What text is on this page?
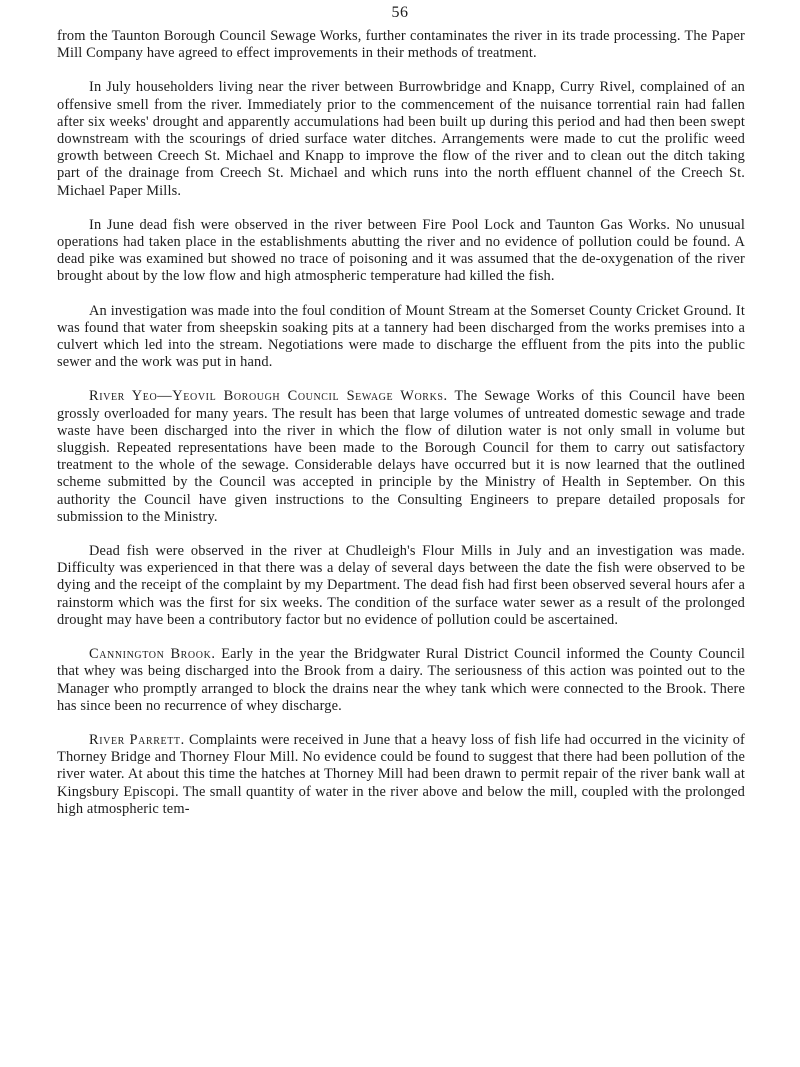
56

from the Taunton Borough Council Sewage Works, further contaminates the river in its trade processing. The Paper Mill Company have agreed to effect improvements in their methods of treatment.

In July householders living near the river between Burrowbridge and Knapp, Curry Rivel, complained of an offensive smell from the river. Immediately prior to the commencement of the nuisance torrential rain had fallen after six weeks' drought and apparently accumulations had been built up during this period and had then been swept downstream with the scourings of dried surface water ditches. Arrangements were made to cut the prolific weed growth between Creech St. Michael and Knapp to improve the flow of the river and to clean out the ditch taking part of the drainage from Creech St. Michael and which runs into the north effluent channel of the Creech St. Michael Paper Mills.

In June dead fish were observed in the river between Fire Pool Lock and Taunton Gas Works. No unusual operations had taken place in the establishments abutting the river and no evidence of pollution could be found. A dead pike was examined but showed no trace of poisoning and it was assumed that the de-oxygenation of the river brought about by the low flow and high atmospheric temperature had killed the fish.

An investigation was made into the foul condition of Mount Stream at the Somerset County Cricket Ground. It was found that water from sheepskin soaking pits at a tannery had been discharged from the works premises into a culvert which led into the stream. Negotiations were made to discharge the effluent from the pits into the public sewer and the work was put in hand.

River Yeo—Yeovil Borough Council Sewage Works. The Sewage Works of this Council have been grossly overloaded for many years. The result has been that large volumes of untreated domestic sewage and trade waste have been discharged into the river in which the flow of dilution water is not only small in volume but sluggish. Repeated representations have been made to the Borough Council for them to carry out satisfactory treatment to the whole of the sewage. Considerable delays have occurred but it is now learned that the outlined scheme submitted by the Council was accepted in principle by the Ministry of Health in September. On this authority the Council have given instructions to the Consulting Engineers to prepare detailed proposals for submission to the Ministry.

Dead fish were observed in the river at Chudleigh's Flour Mills in July and an investigation was made. Difficulty was experienced in that there was a delay of several days between the date the fish were observed to be dying and the receipt of the complaint by my Department. The dead fish had first been observed several hours afer a rainstorm which was the first for six weeks. The condition of the surface water sewer as a result of the prolonged drought may have been a contributory factor but no evidence of pollution could be ascertained.

Cannington Brook. Early in the year the Bridgwater Rural District Council informed the County Council that whey was being discharged into the Brook from a dairy. The seriousness of this action was pointed out to the Manager who promptly arranged to block the drains near the whey tank which were connected to the Brook. There has since been no recurrence of whey discharge.

River Parrett. Complaints were received in June that a heavy loss of fish life had occurred in the vicinity of Thorney Bridge and Thorney Flour Mill. No evidence could be found to suggest that there had been pollution of the river water. At about this time the hatches at Thorney Mill had been drawn to permit repair of the river bank wall at Kingsbury Episcopi. The small quantity of water in the river above and below the mill, coupled with the prolonged high atmospheric tem-
